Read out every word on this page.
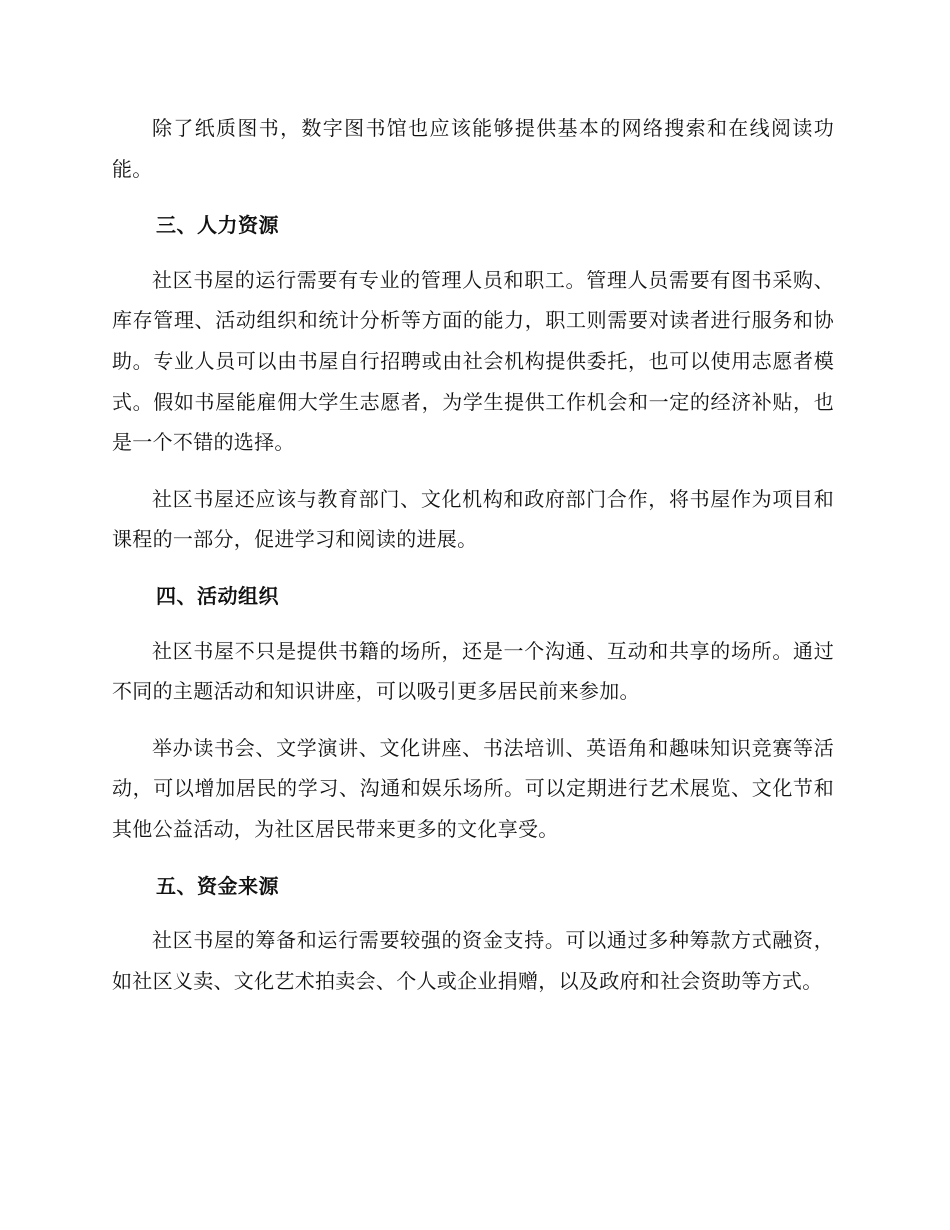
除了纸质图书，数字图书馆也应该能够提供基本的网络搜索和在线阅读功能。

三、人力资源

社区书屋的运行需要有专业的管理人员和职工。管理人员需要有图书采购、库存管理、活动组织和统计分析等方面的能力，职工则需要对读者进行服务和协助。专业人员可以由书屋自行招聘或由社会机构提供委托，也可以使用志愿者模式。假如书屋能雇佣大学生志愿者，为学生提供工作机会和一定的经济补贴，也是一个不错的选择。

社区书屋还应该与教育部门、文化机构和政府部门合作，将书屋作为项目和课程的一部分，促进学习和阅读的进展。

四、活动组织

社区书屋不只是提供书籍的场所，还是一个沟通、互动和共享的场所。通过不同的主题活动和知识讲座，可以吸引更多居民前来参加。

举办读书会、文学演讲、文化讲座、书法培训、英语角和趣味知识竞赛等活动，可以增加居民的学习、沟通和娱乐场所。可以定期进行艺术展览、文化节和其他公益活动，为社区居民带来更多的文化享受。

五、资金来源

社区书屋的筹备和运行需要较强的资金支持。可以通过多种筹款方式融资，如社区义卖、文化艺术拍卖会、个人或企业捐赠，以及政府和社会资助等方式。
